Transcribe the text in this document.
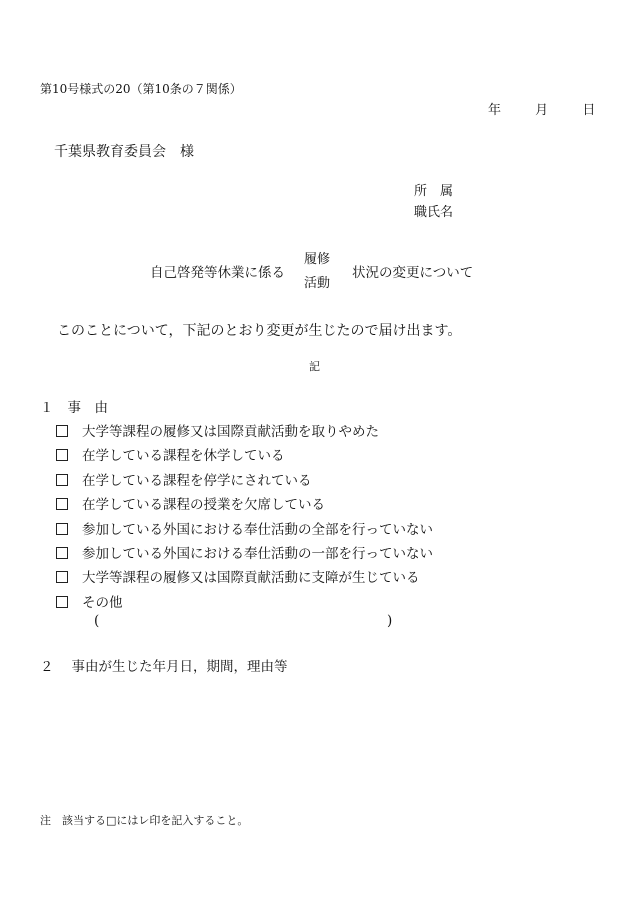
第10号様式の20（第10条の７関係）
年	月	日
千葉県教育委員会 様
所　属
職氏名
自己啓発等休業に係る
履修
活動
状況の変更について
このことについて，下記のとおり変更が生じたので届け出ます。
記
１ 事　由
大学等課程の履修又は国際貢献活動を取りやめた
在学している課程を休学している
在学している課程を停学にされている
在学している課程の授業を欠席している
参加している外国における奉仕活動の全部を行っていない
参加している外国における奉仕活動の一部を行っていない
大学等課程の履修又は国際貢献活動に支障が生じている
その他
(	)
２ 事由が生じた年月日，期間，理由等
注　該当する□にはレ印を記入すること。
